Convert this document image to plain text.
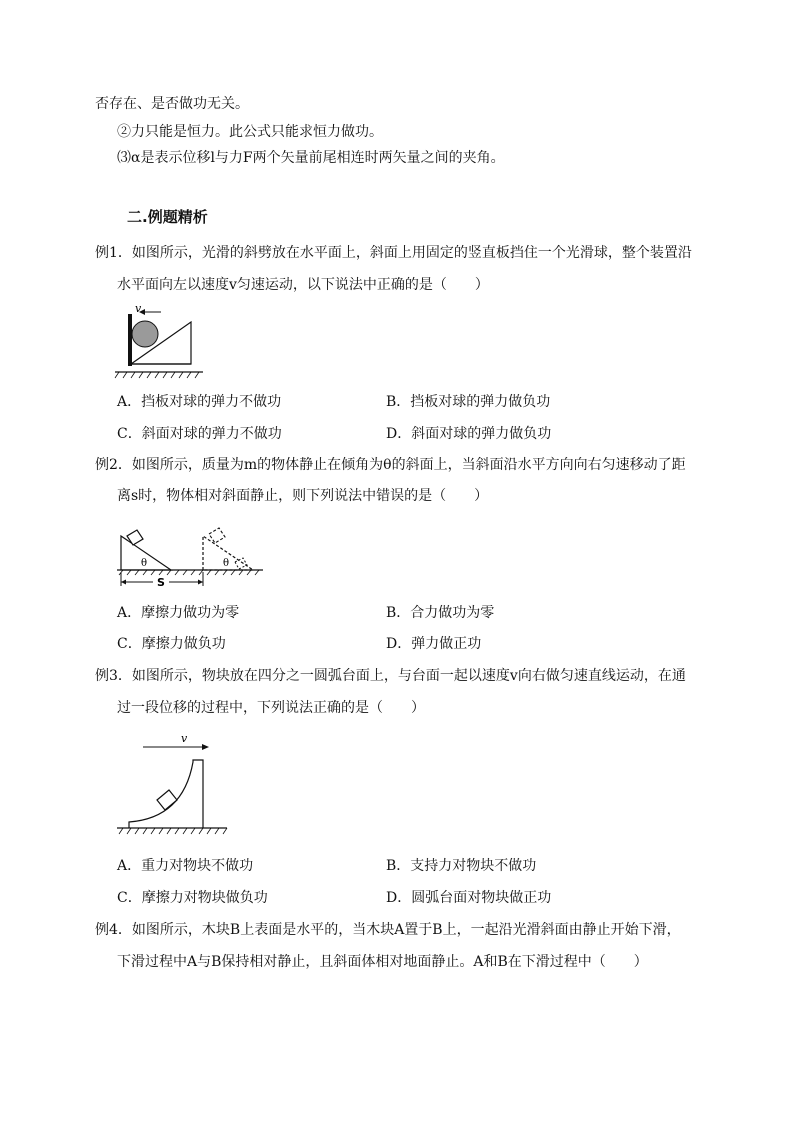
否存在、是否做功无关。
②力只能是恒力。此公式只能求恒力做功。
⑶α是表示位移l与力F两个矢量前尾相连时两矢量之间的夹角。
二.例题精析
例1．如图所示，光滑的斜劈放在水平面上，斜面上用固定的竖直板挡住一个光滑球，整个装置沿
水平面向左以速度v匀速运动，以下说法中正确的是（　　）
v
A．挡板对球的弹力不做功	B．挡板对球的弹力做负功
C．斜面对球的弹力不做功	D．斜面对球的弹力做负功
例2．如图所示，质量为m的物体静止在倾角为θ的斜面上，当斜面沿水平方向向右匀速移动了距
离s时，物体相对斜面静止，则下列说法中错误的是（　　）
θ	θ
S
A．摩擦力做功为零	B．合力做功为零
C．摩擦力做负功	D．弹力做正功
例3．如图所示，物块放在四分之一圆弧台面上，与台面一起以速度v向右做匀速直线运动，在通
过一段位移的过程中，下列说法正确的是（　　）
v
A．重力对物块不做功	B．支持力对物块不做功
C．摩擦力对物块做负功	D．圆弧台面对物块做正功
例4．如图所示，木块B上表面是水平的，当木块A置于B上，一起沿光滑斜面由静止开始下滑，
下滑过程中A与B保持相对静止，且斜面体相对地面静止。A和B在下滑过程中（　　）
